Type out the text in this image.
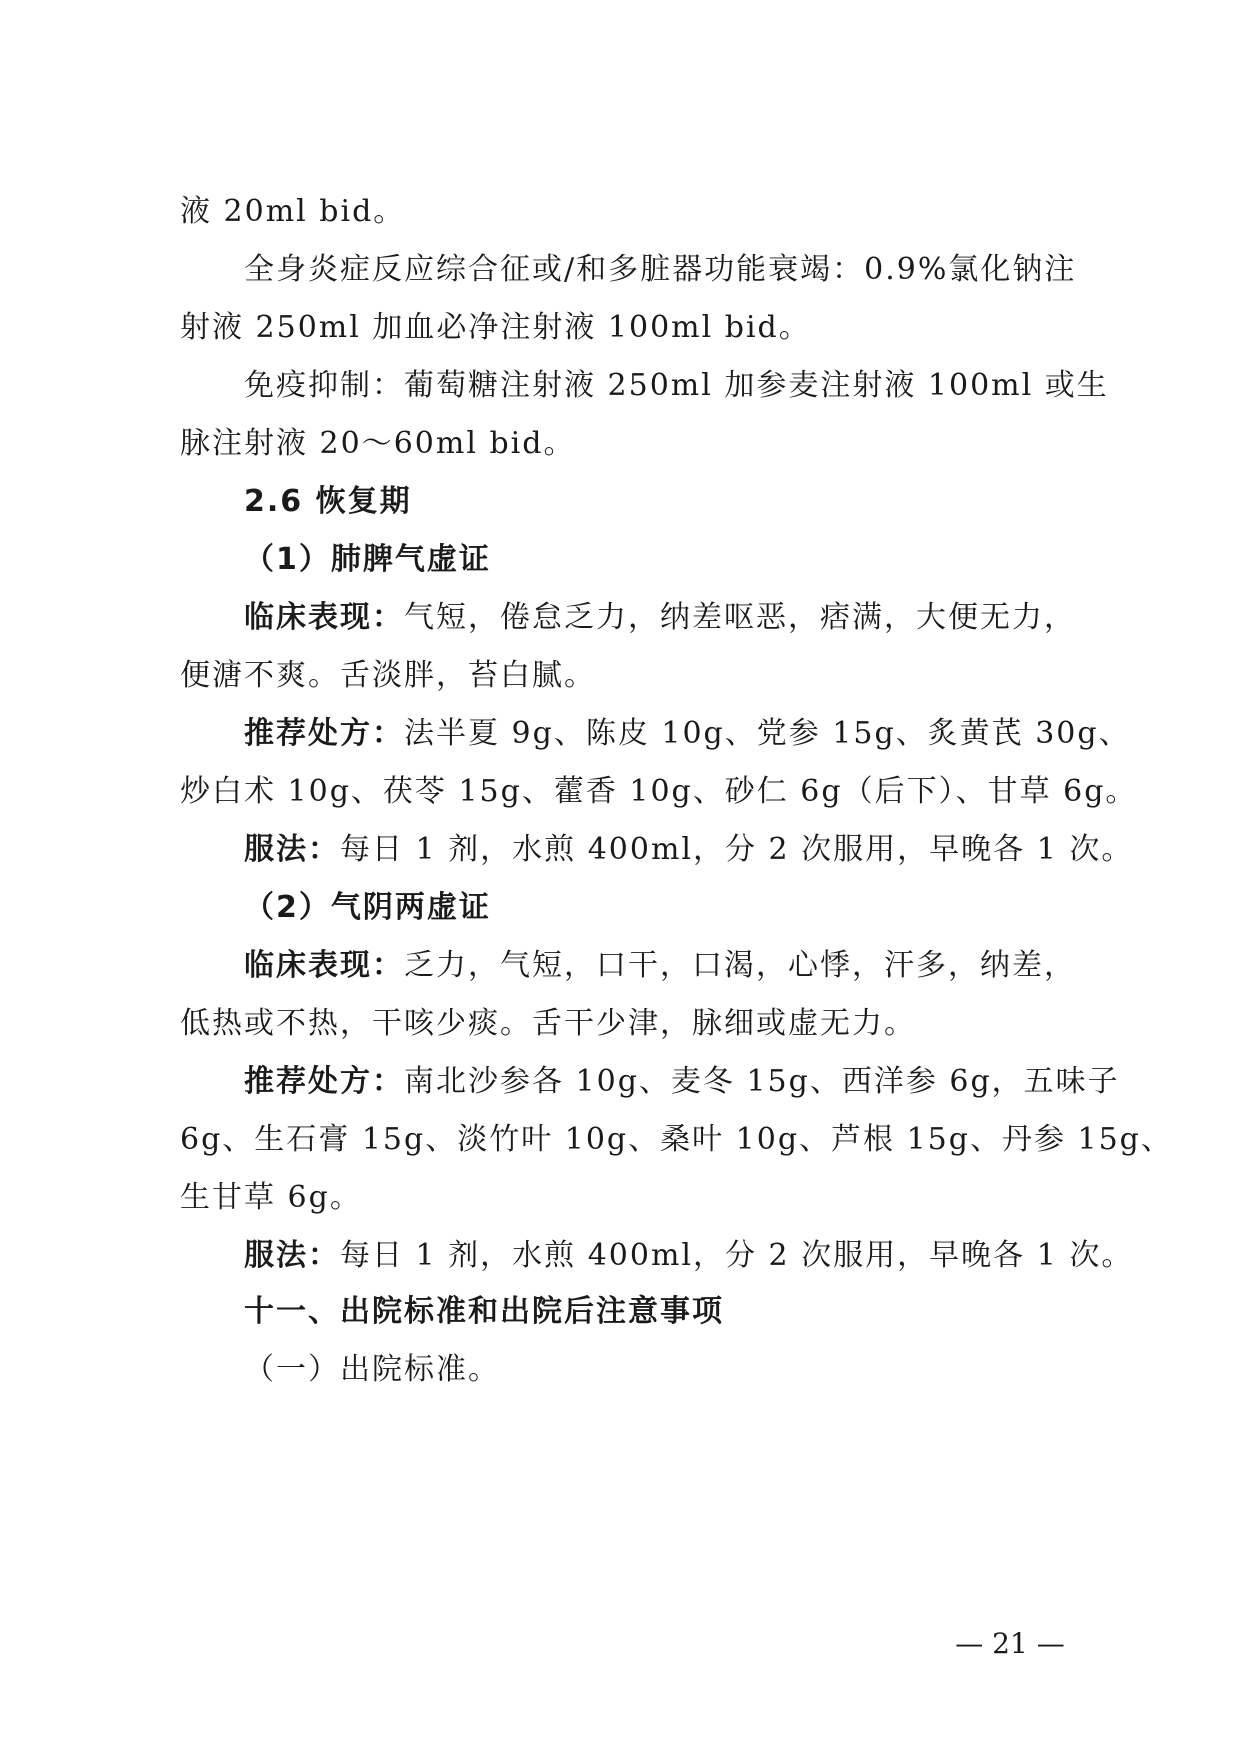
液 20ml bid。
全身炎症反应综合征或/和多脏器功能衰竭：0.9%氯化钠注
射液 250ml 加血必净注射液 100ml bid。
免疫抑制：葡萄糖注射液 250ml 加参麦注射液 100ml 或生
脉注射液 20～60ml bid。
2.6 恢复期
（1）肺脾气虚证
临床表现：气短，倦怠乏力，纳差呕恶，痞满，大便无力，
便溏不爽。舌淡胖，苔白腻。
推荐处方：法半夏 9g、陈皮 10g、党参 15g、炙黄芪 30g、
炒白术 10g、茯苓 15g、藿香 10g、砂仁 6g（后下）、甘草 6g。
服法：每日 1 剂，水煎 400ml，分 2 次服用，早晚各 1 次。
（2）气阴两虚证
临床表现：乏力，气短，口干，口渴，心悸，汗多，纳差，
低热或不热，干咳少痰。舌干少津，脉细或虚无力。
推荐处方：南北沙参各 10g、麦冬 15g、西洋参 6g，五味子
6g、生石膏 15g、淡竹叶 10g、桑叶 10g、芦根 15g、丹参 15g、
生甘草 6g。
服法：每日 1 剂，水煎 400ml，分 2 次服用，早晚各 1 次。
十一、出院标准和出院后注意事项
（一）出院标准。
— 21 —
